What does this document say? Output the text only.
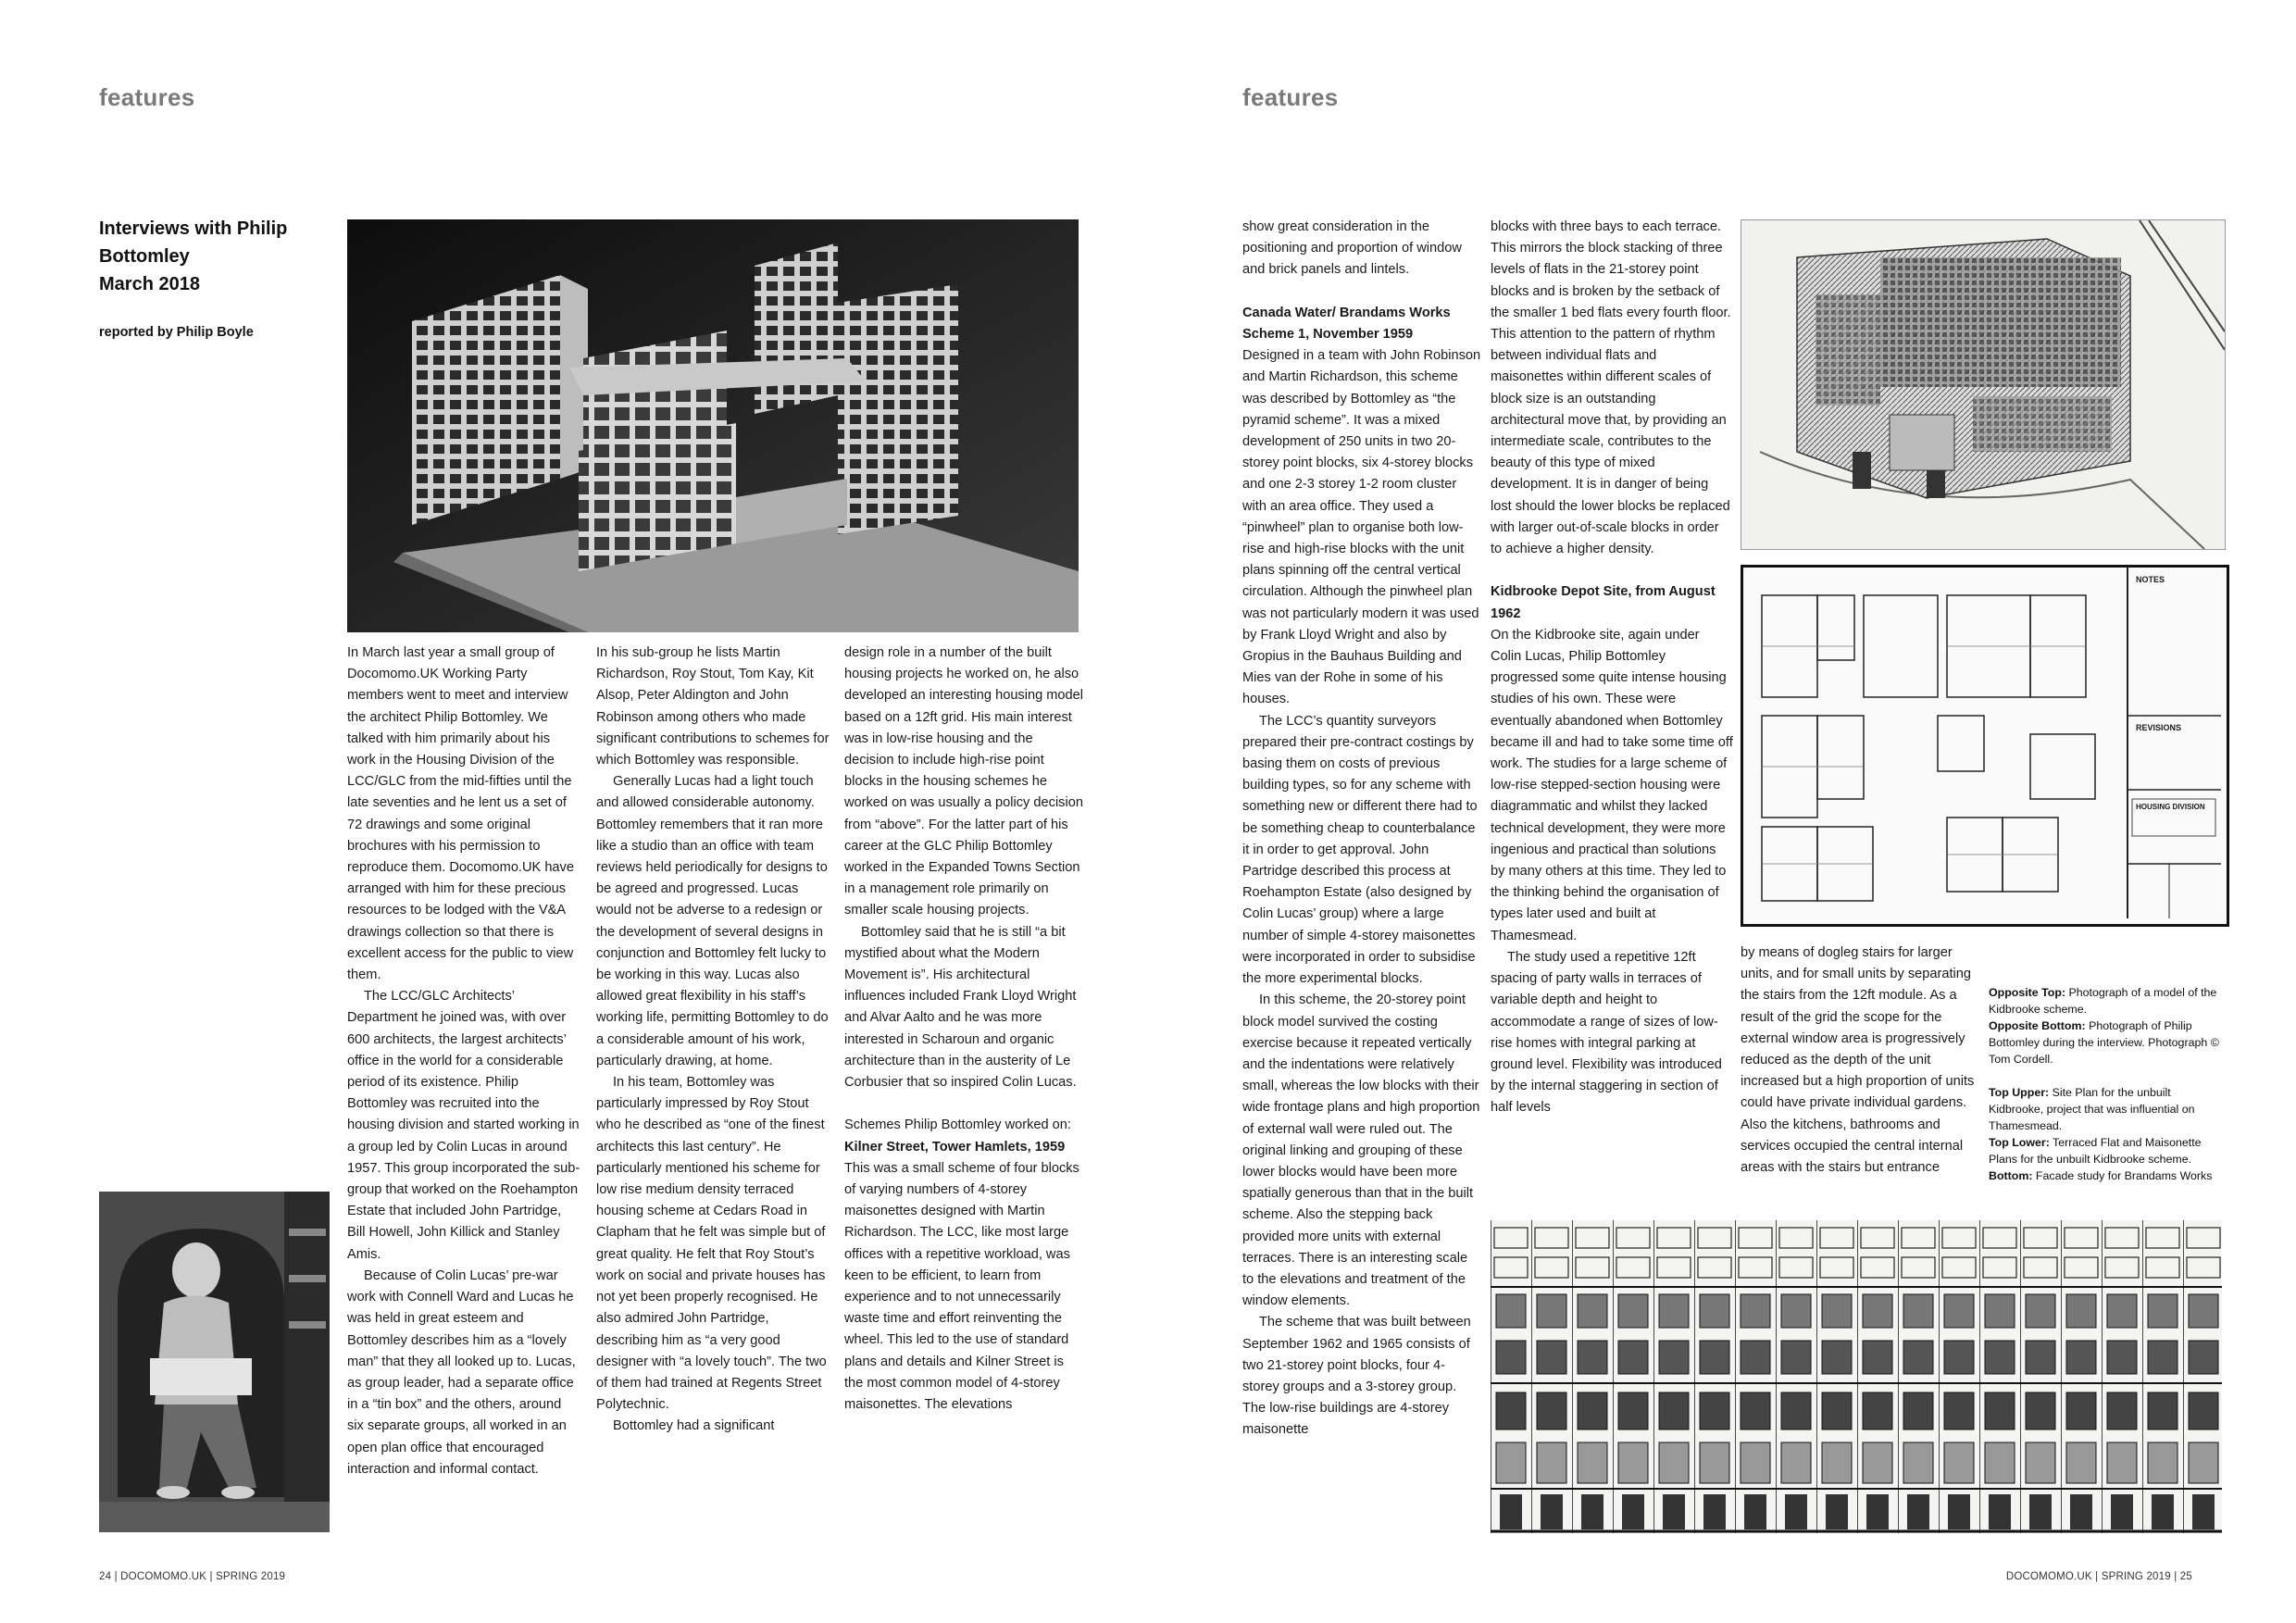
features
Interviews with Philip
Bottomley
March 2018
reported by Philip Boyle

In March last year a small group of Docomomo.UK Working Party members went to meet and interview the architect Philip Bottomley. We talked with him primarily about his work in the Housing Division of the LCC/GLC from the mid-fifties until the late seventies and he lent us a set of 72 drawings and some original brochures with his permission to reproduce them. Docomomo.UK have arranged with him for these precious resources to be lodged with the V&A drawings collection so that there is excellent access for the public to view them.

The LCC/GLC Architects’ Department he joined was, with over 600 architects, the largest architects’ office in the world for a considerable period of its existence. Philip Bottomley was recruited into the housing division and started working in a group led by Colin Lucas in around 1957. This group incorporated the sub-group that worked on the Roehampton Estate that included John Partridge, Bill Howell, John Killick and Stanley Amis.

Because of Colin Lucas’ pre-war work with Connell Ward and Lucas he was held in great esteem and Bottomley describes him as a “lovely man” that they all looked up to. Lucas, as group leader, had a separate office in a “tin box” and the others, around six separate groups, all worked in an open plan office that encouraged interaction and informal contact.

In his sub-group he lists Martin Richardson, Roy Stout, Tom Kay, Kit Alsop, Peter Aldington and John Robinson among others who made significant contributions to schemes for which Bottomley was responsible.

Generally Lucas had a light touch and allowed considerable autonomy. Bottomley remembers that it ran more like a studio than an office with team reviews held periodically for designs to be agreed and progressed. Lucas would not be adverse to a redesign or the development of several designs in conjunction and Bottomley felt lucky to be working in this way. Lucas also allowed great flexibility in his staff’s working life, permitting Bottomley to do a considerable amount of his work, particularly drawing, at home.

In his team, Bottomley was particularly impressed by Roy Stout who he described as “one of the finest architects this last century”. He particularly mentioned his scheme for low rise medium density terraced housing scheme at Cedars Road in Clapham that he felt was simple but of great quality. He felt that Roy Stout’s work on social and private houses has not yet been properly recognised. He also admired John Partridge, describing him as “a very good designer with “a lovely touch”. The two of them had trained at Regents Street Polytechnic.

Bottomley had a significant

design role in a number of the built housing projects he worked on, he also developed an interesting housing model based on a 12ft grid. His main interest was in low-rise housing and the decision to include high-rise point blocks in the housing schemes he worked on was usually a policy decision from “above”. For the latter part of his career at the GLC Philip Bottomley worked in the Expanded Towns Section in a management role primarily on smaller scale housing projects.

Bottomley said that he is still “a bit mystified about what the Modern Movement is”. His architectural influences included Frank Lloyd Wright and Alvar Aalto and he was more interested in Scharoun and organic architecture than in the austerity of Le Corbusier that so inspired Colin Lucas.

Schemes Philip Bottomley worked on:

Kilner Street, Tower Hamlets, 1959

This was a small scheme of four blocks of varying numbers of 4-storey maisonettes designed with Martin Richardson. The LCC, like most large offices with a repetitive workload, was keen to be efficient, to learn from experience and to not unnecessarily waste time and effort reinventing the wheel. This led to the use of standard plans and details and Kilner Street is the most common model of 4-storey maisonettes. The elevations

24 | DOCOMOMO.UK | SPRING 2019
features

show great consideration in the positioning and proportion of window and brick panels and lintels.

Canada Water/ Brandams Works Scheme 1, November 1959

Designed in a team with John Robinson and Martin Richardson, this scheme was described by Bottomley as “the pyramid scheme”. It was a mixed development of 250 units in two 20-storey point blocks, six 4-storey blocks and one 2-3 storey 1-2 room cluster with an area office. They used a “pinwheel” plan to organise both low-rise and high-rise blocks with the unit plans spinning off the central vertical circulation. Although the pinwheel plan was not particularly modern it was used by Frank Lloyd Wright and also by Gropius in the Bauhaus Building and Mies van der Rohe in some of his houses.

The LCC’s quantity surveyors prepared their pre-contract costings by basing them on costs of previous building types, so for any scheme with something new or different there had to be something cheap to counterbalance it in order to get approval. John Partridge described this process at Roehampton Estate (also designed by Colin Lucas’ group) where a large number of simple 4-storey maisonettes were incorporated in order to subsidise the more experimental blocks.

In this scheme, the 20-storey point block model survived the costing exercise because it repeated vertically and the indentations were relatively small, whereas the low blocks with their wide frontage plans and high proportion of external wall were ruled out. The original linking and grouping of these lower blocks would have been more spatially generous than that in the built scheme. Also the stepping back provided more units with external terraces. There is an interesting scale to the elevations and treatment of the window elements.

The scheme that was built between September 1962 and 1965 consists of two 21-storey point blocks, four 4-storey groups and a 3-storey group. The low-rise buildings are 4-storey maisonette

blocks with three bays to each terrace. This mirrors the block stacking of three levels of flats in the 21-storey point blocks and is broken by the setback of the smaller 1 bed flats every fourth floor. This attention to the pattern of rhythm between individual flats and maisonettes within different scales of block size is an outstanding architectural move that, by providing an intermediate scale, contributes to the beauty of this type of mixed development. It is in danger of being lost should the lower blocks be replaced with larger out-of-scale blocks in order to achieve a higher density.

Kidbrooke Depot Site, from August 1962

On the Kidbrooke site, again under Colin Lucas, Philip Bottomley progressed some quite intense housing studies of his own. These were eventually abandoned when Bottomley became ill and had to take some time off work. The studies for a large scheme of low-rise stepped-section housing were diagrammatic and whilst they lacked technical development, they were more ingenious and practical than solutions by many others at this time. They led to the thinking behind the organisation of types later used and built at Thamesmead.

The study used a repetitive 12ft spacing of party walls in terraces of variable depth and height to accommodate a range of sizes of low-rise homes with integral parking at ground level. Flexibility was introduced by the internal staggering in section of half levels

by means of dogleg stairs for larger units, and for small units by separating the stairs from the 12ft module. As a result of the grid the scope for the external window area is progressively reduced as the depth of the unit increased but a high proportion of units could have private individual gardens. Also the kitchens, bathrooms and services occupied the central internal areas with the stairs but entrance

NOTES
REVISIONS
HOUSING DIVISION

Opposite Top: Photograph of a model of the Kidbrooke scheme.

Opposite Bottom: Photograph of Philip Bottomley during the interview. Photograph © Tom Cordell.

Top Upper: Site Plan for the unbuilt Kidbrooke, project that was influential on Thamesmead.

Top Lower: Terraced Flat and Maisonette Plans for the unbuilt Kidbrooke scheme.

Bottom: Facade study for Brandams Works

DOCOMOMO.UK | SPRING 2019 | 25
